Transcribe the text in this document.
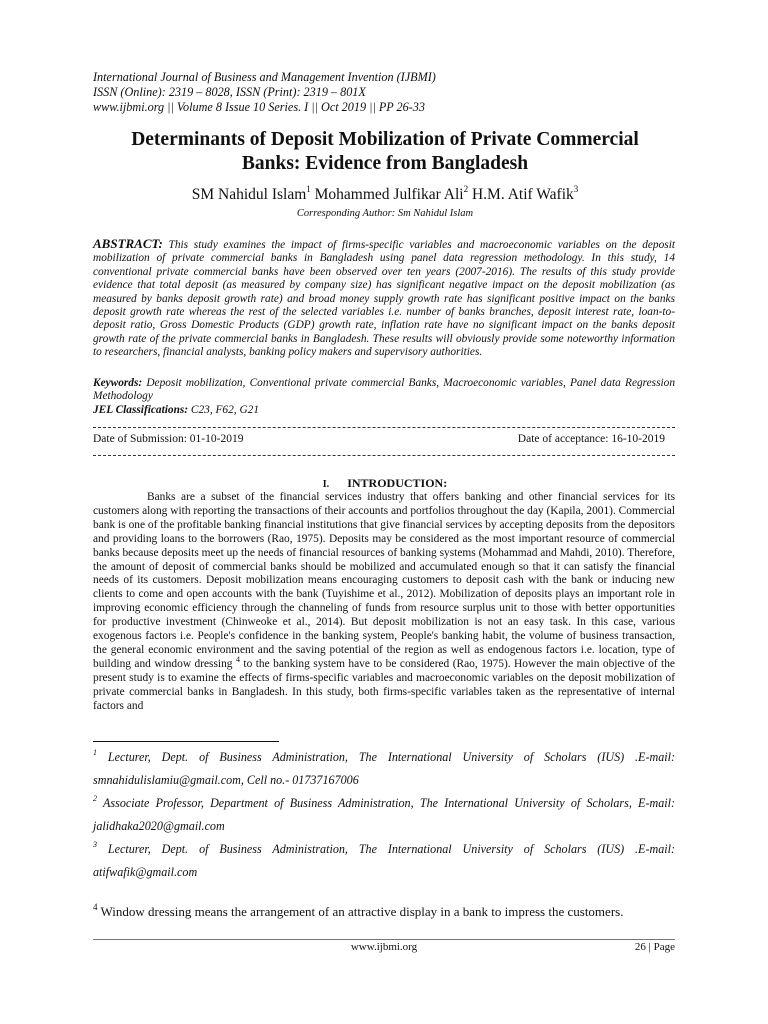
International Journal of Business and Management Invention (IJBMI)
ISSN (Online): 2319 – 8028, ISSN (Print): 2319 – 801X
www.ijbmi.org || Volume 8 Issue 10 Series. I || Oct 2019 || PP 26-33
Determinants of Deposit Mobilization of Private Commercial
Banks: Evidence from Bangladesh
SM Nahidul Islam$^1$ Mohammed Julfikar Ali$^2$ H.M. Atif Wafik$^3$
Corresponding Author: Sm Nahidul Islam
ABSTRACT: This study examines the impact of firms-specific variables and macroeconomic variables on the deposit mobilization of private commercial banks in Bangladesh using panel data regression methodology. In this study, 14 conventional private commercial banks have been observed over ten years (2007-2016). The results of this study provide evidence that total deposit (as measured by company size) has significant negative impact on the deposit mobilization (as measured by banks deposit growth rate) and broad money supply growth rate has significant positive impact on the banks deposit growth rate whereas the rest of the selected variables i.e. number of banks branches, deposit interest rate, loan-to-deposit ratio, Gross Domestic Products (GDP) growth rate, inflation rate have no significant impact on the banks deposit growth rate of the private commercial banks in Bangladesh. These results will obviously provide some noteworthy information to researchers, financial analysts, banking policy makers and supervisory authorities.
Keywords: Deposit mobilization, Conventional private commercial Banks, Macroeconomic variables, Panel data Regression Methodology
JEL Classifications: C23, F62, G21
Date of Submission: 01-10-2019	Date of acceptance: 16-10-2019
I. INTRODUCTION:

Banks are a subset of the financial services industry that offers banking and other financial services for its customers along with reporting the transactions of their accounts and portfolios throughout the day (Kapila, 2001). Commercial bank is one of the profitable banking financial institutions that give financial services by accepting deposits from the depositors and providing loans to the borrowers (Rao, 1975). Deposits may be considered as the most important resource of commercial banks because deposits meet up the needs of financial resources of banking systems (Mohammad and Mahdi, 2010). Therefore, the amount of deposit of commercial banks should be mobilized and accumulated enough so that it can satisfy the financial needs of its customers. Deposit mobilization means encouraging customers to deposit cash with the bank or inducing new clients to come and open accounts with the bank (Tuyishime et al., 2012). Mobilization of deposits plays an important role in improving economic efficiency through the channeling of funds from resource surplus unit to those with better opportunities for productive investment (Chinweoke et al., 2014). But deposit mobilization is not an easy task. In this case, various exogenous factors i.e. People's confidence in the banking system, People's banking habit, the volume of business transaction, the general economic environment and the saving potential of the region as well as endogenous factors i.e. location, type of building and window dressing $^4$ to the banking system have to be considered (Rao, 1975). However the main objective of the present study is to examine the effects of firms-specific variables and macroeconomic variables on the deposit mobilization of private commercial banks in Bangladesh. In this study, both firms-specific variables taken as the representative of internal factors and

$^1$ Lecturer, Dept. of Business Administration, The International University of Scholars (IUS) .E-mail: smnahidulislamiu@gmail.com, Cell no.- 01737167006
$^2$ Associate Professor, Department of Business Administration, The International University of Scholars, E-mail: jalidhaka2020@gmail.com
$^3$ Lecturer, Dept. of Business Administration, The International University of Scholars (IUS) .E-mail: atifwafik@gmail.com
$^4$ Window dressing means the arrangement of an attractive display in a bank to impress the customers.
www.ijbmi.org	26 | Page
